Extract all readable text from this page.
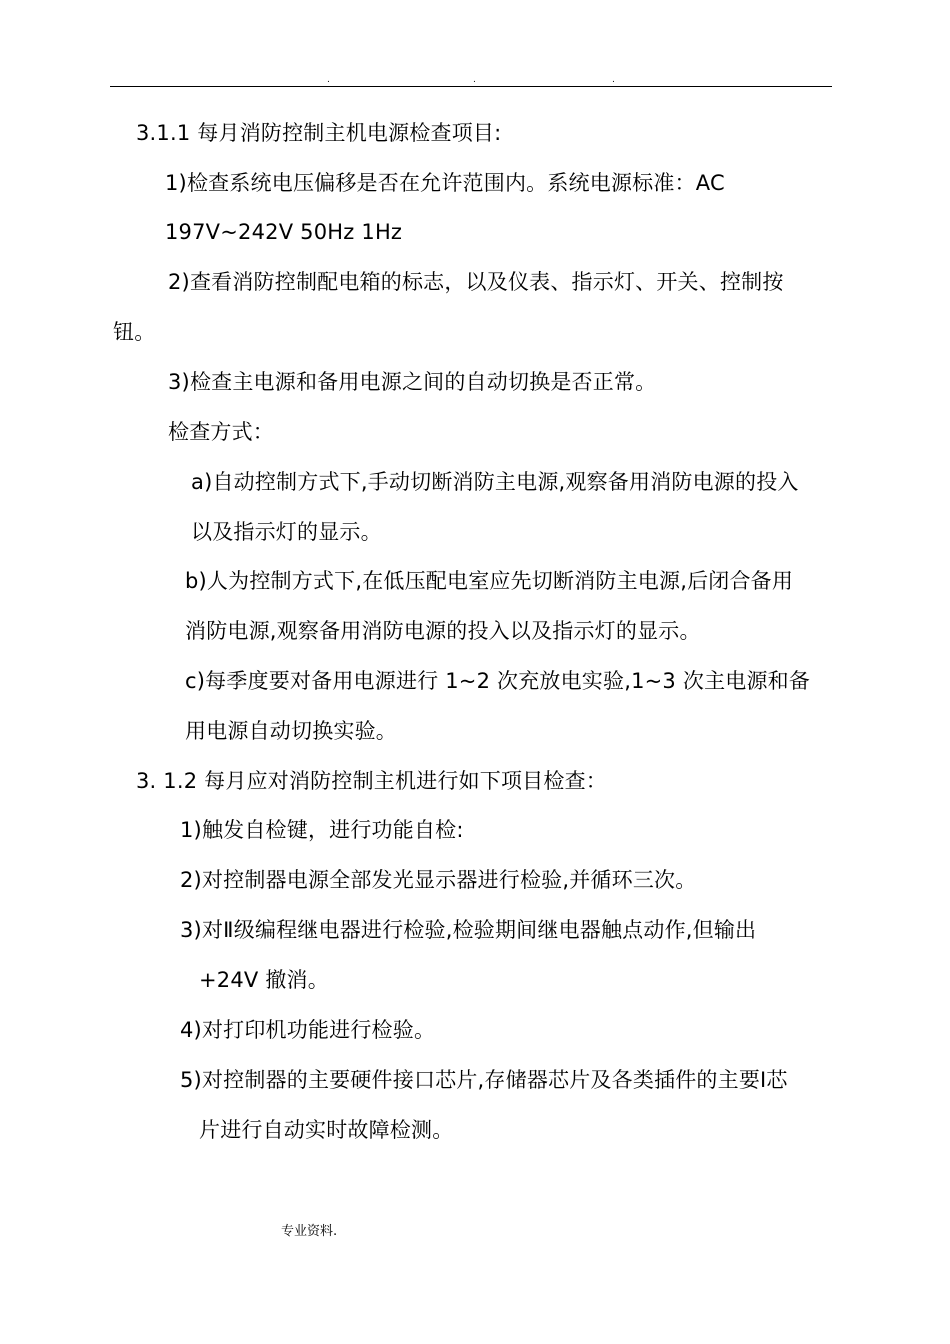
.	.	.
3.1.1 每月消防控制主机电源检查项目:
1)检查系统电压偏移是否在允许范围内。系统电源标准：AC
197V~242V 50Hz 1Hz
2)查看消防控制配电箱的标志，以及仪表、指示灯、开关、控制按
钮。
3)检查主电源和备用电源之间的自动切换是否正常。
检查方式：
a)自动控制方式下,手动切断消防主电源,观察备用消防电源的投入
以及指示灯的显示。
b)人为控制方式下,在低压配电室应先切断消防主电源,后闭合备用
消防电源,观察备用消防电源的投入以及指示灯的显示。
c)每季度要对备用电源进行 1~2 次充放电实验,1~3 次主电源和备
用电源自动切换实验。
3. 1.2 每月应对消防控制主机进行如下项目检查：
1)触发自检键，进行功能自检:
2)对控制器电源全部发光显示器进行检验,并循环三次。
3)对Ⅱ级编程继电器进行检验,检验期间继电器触点动作,但输出
+24V 撤消。
4)对打印机功能进行检验。
5)对控制器的主要硬件接口芯片,存储器芯片及各类插件的主要Ⅰ芯
片进行自动实时故障检测。
专业资料.
